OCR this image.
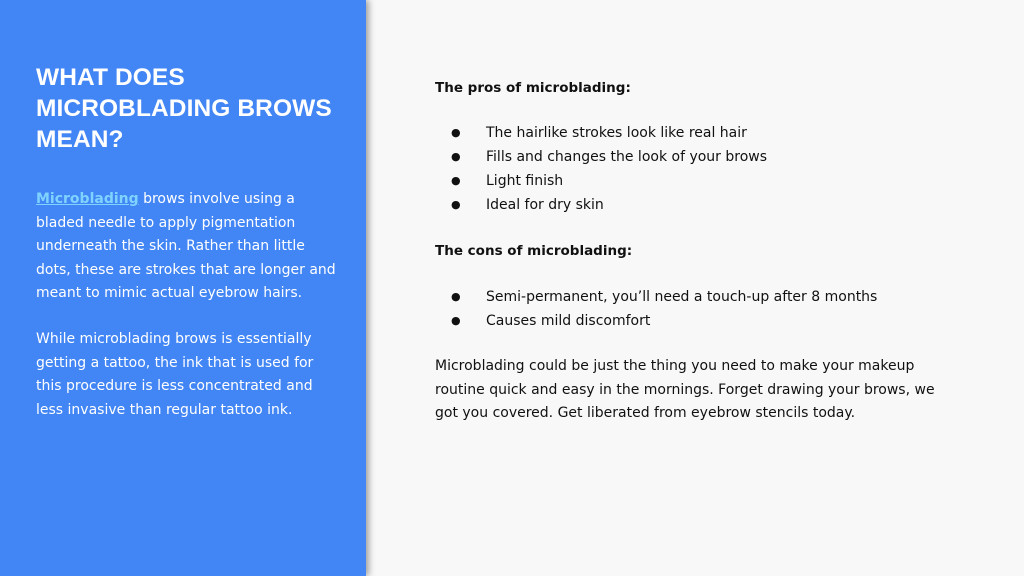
WHAT DOES MICROBLADING BROWS MEAN?

Microblading brows involve using a bladed needle to apply pigmentation underneath the skin. Rather than little dots, these are strokes that are longer and meant to mimic actual eyebrow hairs.

While microblading brows is essentially getting a tattoo, the ink that is used for this procedure is less concentrated and less invasive than regular tattoo ink.

The pros of microblading:

● The hairlike strokes look like real hair
● Fills and changes the look of your brows
● Light finish
● Ideal for dry skin

The cons of microblading:

● Semi-permanent, you’ll need a touch-up after 8 months
● Causes mild discomfort

Microblading could be just the thing you need to make your makeup routine quick and easy in the mornings. Forget drawing your brows, we got you covered. Get liberated from eyebrow stencils today.
